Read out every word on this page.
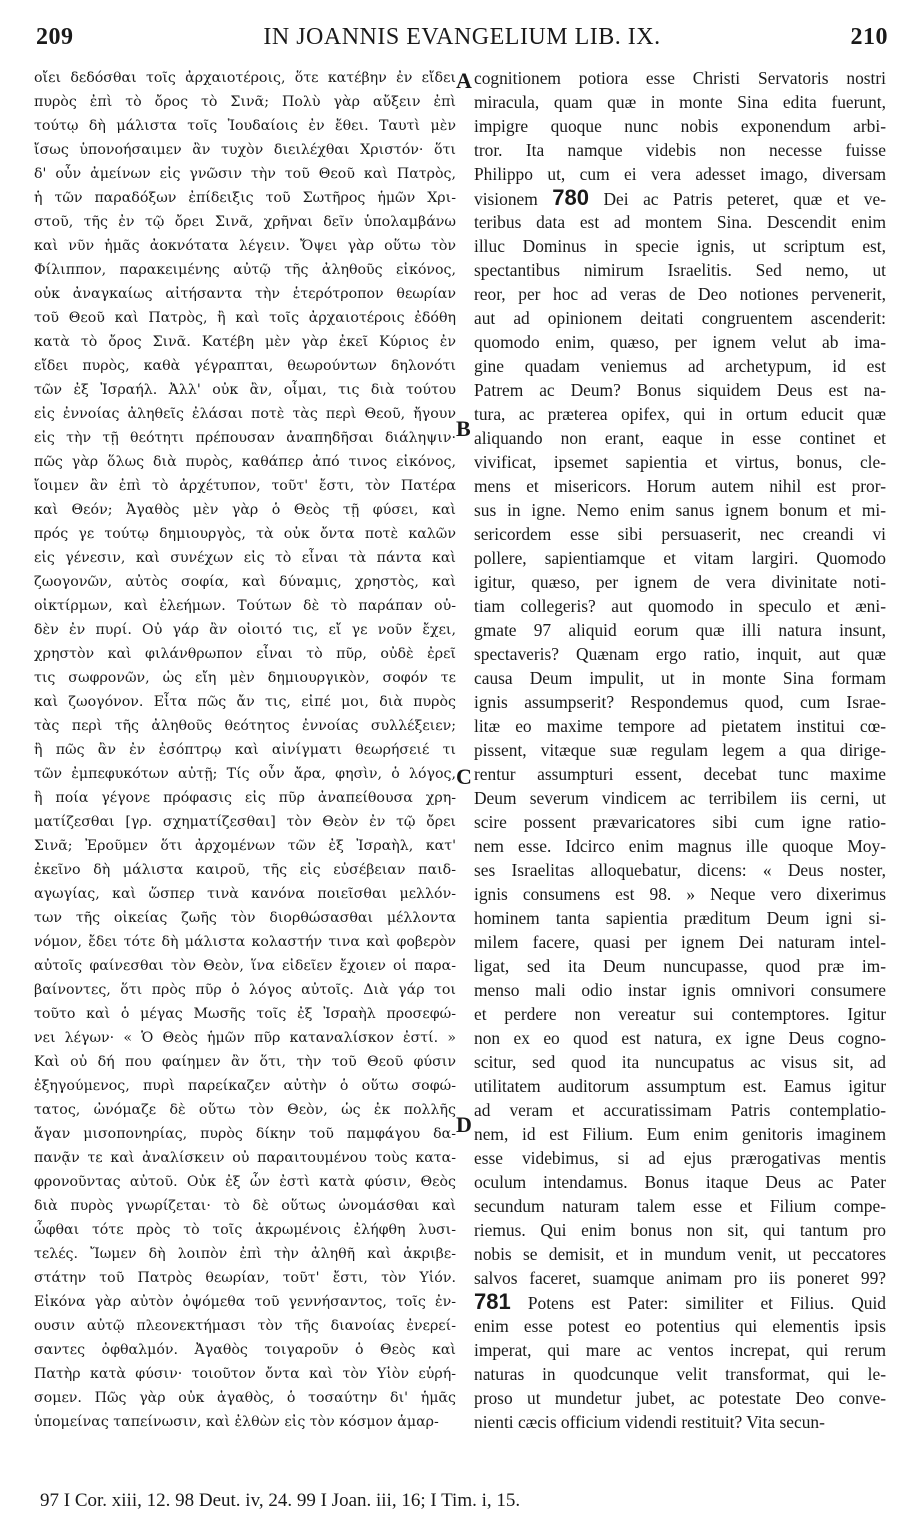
209	IN JOANNIS EVANGELIUM LIB. IX.	210
οἴει δεδόσθαι τοῖς ἀρχαιοτέροις, ὅτε κατέβην ἐν εἴδει
πυρὸς ἐπὶ τὸ ὄρος τὸ Σινᾶ; Πολὺ γὰρ αὔξειν ἐπὶ
τούτῳ δὴ μάλιστα τοῖς Ἰουδαίοις ἐν ἔθει. Ταυτὶ μὲν
ἴσως ὑπονοήσαιμεν ἂν τυχὸν διειλέχθαι Χριστόν· ὅτι
δ' οὖν ἀμείνων εἰς γνῶσιν τὴν τοῦ Θεοῦ καὶ Πατρὸς,
ἡ τῶν παραδόξων ἐπίδειξις τοῦ Σωτῆρος ἡμῶν Χρι-
στοῦ, τῆς ἐν τῷ ὄρει Σινᾶ, χρῆναι δεῖν ὑπολαμβάνω
καὶ νῦν ἡμᾶς ἀοκνότατα λέγειν. Ὄψει γὰρ οὕτω τὸν
Φίλιππον, παρακειμένης αὐτῷ τῆς ἀληθοῦς εἰκόνος,
οὐκ ἀναγκαίως αἰτήσαντα τὴν ἑτερότροπον θεωρίαν
τοῦ Θεοῦ καὶ Πατρὸς, ἢ καὶ τοῖς ἀρχαιοτέροις ἐδόθη
κατὰ τὸ ὄρος Σινᾶ. Κατέβη μὲν γὰρ ἐκεῖ Κύριος ἐν
εἴδει πυρὸς, καθὰ γέγραπται, θεωρούντων δηλονότι
τῶν ἐξ Ἰσραήλ. Ἀλλ' οὐκ ἂν, οἶμαι, τις διὰ τούτου
εἰς ἐννοίας ἀληθεῖς ἐλάσαι ποτὲ τὰς περὶ Θεοῦ, ἤγουν
εἰς τὴν τῇ θεότητι πρέπουσαν ἀναπηδῆσαι διάληψιν·
πῶς γὰρ ὅλως διὰ πυρὸς, καθάπερ ἀπό τινος εἰκόνος,
ἴοιμεν ἂν ἐπὶ τὸ ἀρχέτυπον, τοῦτ' ἔστι, τὸν Πατέρα
καὶ Θεόν; Ἀγαθὸς μὲν γὰρ ὁ Θεὸς τῇ φύσει, καὶ
πρός γε τούτῳ δημιουργὸς, τὰ οὐκ ὄντα ποτὲ καλῶν
εἰς γένεσιν, καὶ συνέχων εἰς τὸ εἶναι τὰ πάντα καὶ
ζωογονῶν, αὐτὸς σοφία, καὶ δύναμις, χρηστὸς, καὶ
οἰκτίρμων, καὶ ἐλεήμων. Τούτων δὲ τὸ παράπαν οὐ-
δὲν ἐν πυρί. Οὐ γάρ ἂν οἰοιτό τις, εἴ γε νοῦν ἔχει,
χρηστὸν καὶ φιλάνθρωπον εἶναι τὸ πῦρ, οὐδὲ ἐρεῖ
τις σωφρονῶν, ὡς εἴη μὲν δημιουργικὸν, σοφόν τε
καὶ ζωογόνον. Εἶτα πῶς ἄν τις, εἰπέ μοι, διὰ πυρὸς
τὰς περὶ τῆς ἀληθοῦς θεότητος ἐννοίας συλλέξειεν;
ἢ πῶς ἂν ἐν ἐσόπτρῳ καὶ αἰνίγματι θεωρήσειέ τι
τῶν ἐμπεφυκότων αὐτῇ; Τίς οὖν ἄρα, φησὶν, ὁ λόγος,
ἢ ποία γέγονε πρόφασις εἰς πῦρ ἀναπείθουσα χρη-
ματίζεσθαι [γρ. σχηματίζεσθαι] τὸν Θεὸν ἐν τῷ ὄρει
Σινᾶ; Ἐροῦμεν ὅτι ἀρχομένων τῶν ἐξ Ἰσραὴλ, κατ'
ἐκεῖνο δὴ μάλιστα καιροῦ, τῆς εἰς εὐσέβειαν παιδ-
αγωγίας, καὶ ὥσπερ τινὰ κανόνα ποιεῖσθαι μελλόν-
των τῆς οἰκείας ζωῆς τὸν διορθώσασθαι μέλλοντα
νόμον, ἔδει τότε δὴ μάλιστα κολαστήν τινα καὶ φοβερὸν
αὐτοῖς φαίνεσθαι τὸν Θεὸν, ἵνα εἰδεῖεν ἔχοιεν οἱ παρα-
βαίνοντες, ὅτι πρὸς πῦρ ὁ λόγος αὐτοῖς. Διὰ γάρ τοι
τοῦτο καὶ ὁ μέγας Μωσῆς τοῖς ἐξ Ἰσραὴλ προσεφώ-
νει λέγων· « Ὁ Θεὸς ἡμῶν πῦρ καταναλίσκον ἐστί. »
Καὶ οὐ δή που φαίημεν ἂν ὅτι, τὴν τοῦ Θεοῦ φύσιν
ἐξηγούμενος, πυρὶ παρείκαζεν αὐτὴν ὁ οὕτω σοφώ-
τατος, ὠνόμαζε δὲ οὕτω τὸν Θεὸν, ὡς ἐκ πολλῆς
ἄγαν μισοπονηρίας, πυρὸς δίκην τοῦ παμφάγου δα-
πανᾷν τε καὶ ἀναλίσκειν οὐ παραιτουμένου τοὺς κατα-
φρονοῦντας αὐτοῦ. Οὐκ ἐξ ὧν ἐστὶ κατὰ φύσιν, Θεὸς
διὰ πυρὸς γνωρίζεται· τὸ δὲ οὕτως ὠνομάσθαι καὶ
ὦφθαι τότε πρὸς τὸ τοῖς ἀκρωμένοις ἐλήφθη λυσι-
τελές. Ἴωμεν δὴ λοιπὸν ἐπὶ τὴν ἀληθῆ καὶ ἀκριβε-
στάτην τοῦ Πατρὸς θεωρίαν, τοῦτ' ἔστι, τὸν Υἱόν.
Εἰκόνα γὰρ αὐτὸν ὀψόμεθα τοῦ γεννήσαντος, τοῖς ἐν-
ουσιν αὐτῷ πλεονεκτήμασι τὸν τῆς διανοίας ἐνερεί-
σαντες ὀφθαλμόν. Ἀγαθὸς τοιγαροῦν ὁ Θεὸς καὶ
Πατὴρ κατὰ φύσιν· τοιοῦτον ὄντα καὶ τὸν Υἱὸν εὑρή-
σομεν. Πῶς γὰρ οὐκ ἀγαθὸς, ὁ τοσαύτην δι' ἡμᾶς
ὑπομείνας ταπείνωσιν, καὶ ἐλθὼν εἰς τὸν κόσμον ἁμαρ-
cognitionem potiora esse Christi Servatoris nostri
miracula, quam quæ in monte Sina edita fuerunt,
impigre quoque nunc nobis exponendum arbi-
tror. Ita namque videbis non necesse fuisse
Philippo ut, cum ei vera adesset imago, diversam
visionem 780 Dei ac Patris peteret, quæ et ve-
teribus data est ad montem Sina. Descendit enim
illuc Dominus in specie ignis, ut scriptum est,
spectantibus nimirum Israelitis. Sed nemo, ut
reor, per hoc ad veras de Deo notiones pervenerit,
aut ad opinionem deitati congruentem ascenderit:
quomodo enim, quæso, per ignem velut ab ima-
gine quadam veniemus ad archetypum, id est
Patrem ac Deum? Bonus siquidem Deus est na-
tura, ac præterea opifex, qui in ortum educit quæ
aliquando non erant, eaque in esse continet et
vivificat, ipsemet sapientia et virtus, bonus, cle-
mens et misericors. Horum autem nihil est pror-
sus in igne. Nemo enim sanus ignem bonum et mi-
sericordem esse sibi persuaserit, nec creandi vi
pollere, sapientiamque et vitam largiri. Quomodo
igitur, quæso, per ignem de vera divinitate noti-
tiam collegeris? aut quomodo in speculo et æni-
gmate 97 aliquid eorum quæ illi natura insunt,
spectaveris? Quænam ergo ratio, inquit, aut quæ
causa Deum impulit, ut in monte Sina formam
ignis assumpserit? Respondemus quod, cum Israe-
litæ eo maxime tempore ad pietatem institui cœ-
pissent, vitæque suæ regulam legem a qua dirige-
rentur assumpturi essent, decebat tunc maxime
Deum severum vindicem ac terribilem iis cerni, ut
scire possent prævaricatores sibi cum igne ratio-
nem esse. Idcirco enim magnus ille quoque Moy-
ses Israelitas alloquebatur, dicens: « Deus noster,
ignis consumens est 98. » Neque vero dixerimus
hominem tanta sapientia præditum Deum igni si-
milem facere, quasi per ignem Dei naturam intel-
ligat, sed ita Deum nuncupasse, quod præ im-
menso mali odio instar ignis omnivori consumere
et perdere non vereatur sui contemptores. Igitur
non ex eo quod est natura, ex igne Deus cogno-
scitur, sed quod ita nuncupatus ac visus sit, ad
utilitatem auditorum assumptum est. Eamus igitur
ad veram et accuratissimam Patris contemplatio-
nem, id est Filium. Eum enim genitoris imaginem
esse videbimus, si ad ejus prærogativas mentis
oculum intendamus. Bonus itaque Deus ac Pater
secundum naturam talem esse et Filium compe-
riemus. Qui enim bonus non sit, qui tantum pro
nobis se demisit, et in mundum venit, ut peccatores
salvos faceret, suamque animam pro iis poneret 99?
781 Potens est Pater: similiter et Filius. Quid
enim esse potest eo potentius qui elementis ipsis
imperat, qui mare ac ventos increpat, qui rerum
naturas in quodcunque velit transformat, qui le-
proso ut mundetur jubet, ac potestate Deo conve-
nienti cæcis officium videndi restituit? Vita secun-
A
B
C
D
97 I Cor. xiii, 12. 98 Deut. iv, 24. 99 I Joan. iii, 16; I Tim. i, 15.
